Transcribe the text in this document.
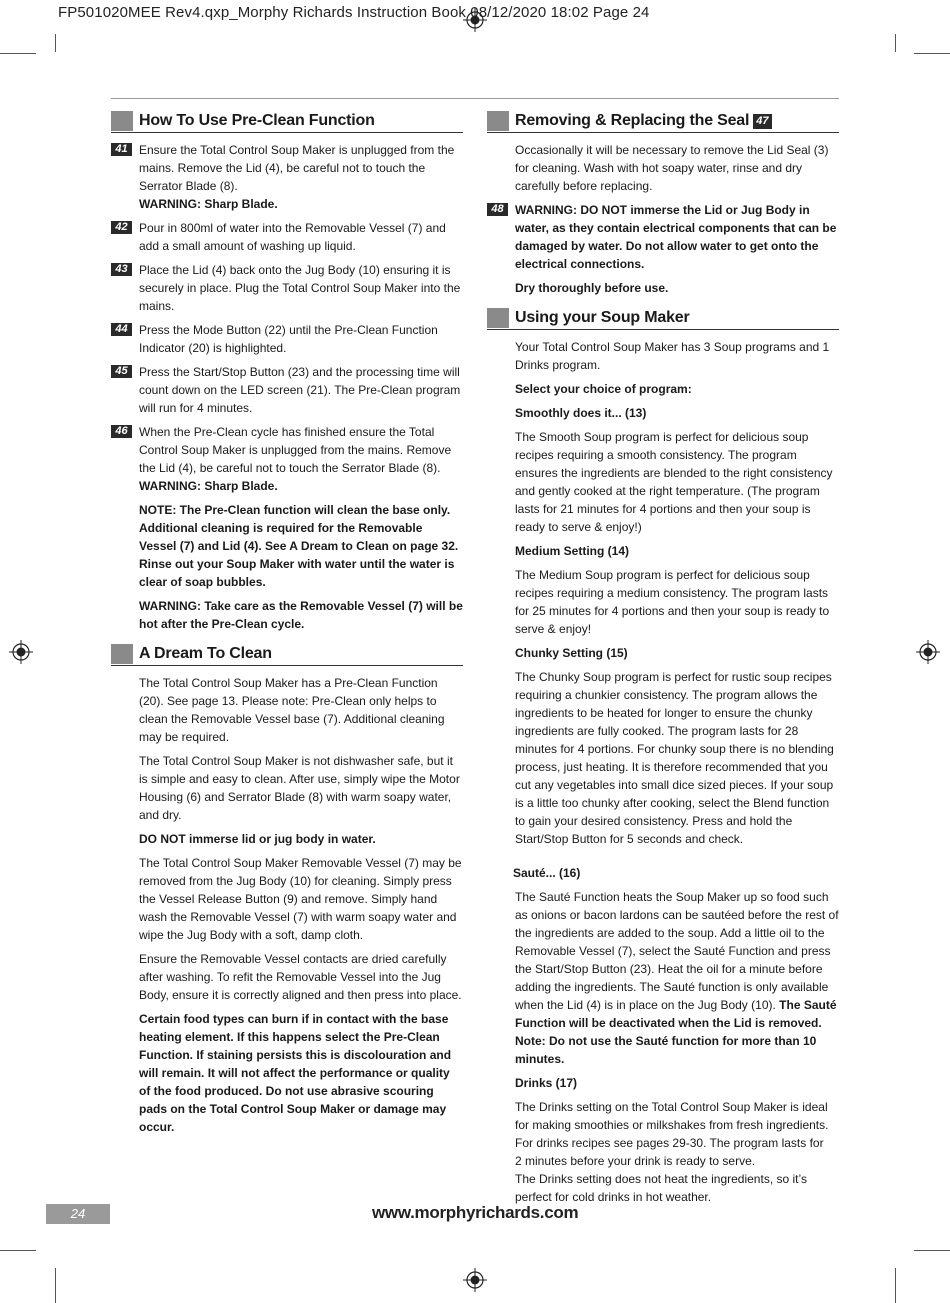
FP501020MEE Rev4.qxp_Morphy Richards Instruction Book 08/12/2020 18:02 Page 24
How To Use Pre-Clean Function
41 Ensure the Total Control Soup Maker is unplugged from the mains. Remove the Lid (4), be careful not to touch the Serrator Blade (8).
WARNING: Sharp Blade.
42 Pour in 800ml of water into the Removable Vessel (7) and add a small amount of washing up liquid.
43 Place the Lid (4) back onto the Jug Body (10) ensuring it is securely in place. Plug the Total Control Soup Maker into the mains.
44 Press the Mode Button (22) until the Pre-Clean Function Indicator (20) is highlighted.
45 Press the Start/Stop Button (23) and the processing time will count down on the LED screen (21). The Pre-Clean program will run for 4 minutes.
46 When the Pre-Clean cycle has finished ensure the Total Control Soup Maker is unplugged from the mains. Remove the Lid (4), be careful not to touch the Serrator Blade (8).
WARNING: Sharp Blade.
NOTE: The Pre-Clean function will clean the base only. Additional cleaning is required for the Removable Vessel (7) and Lid (4). See A Dream to Clean on page 32. Rinse out your Soup Maker with water until the water is clear of soap bubbles.
WARNING: Take care as the Removable Vessel (7) will be hot after the Pre-Clean cycle.
A Dream To Clean
The Total Control Soup Maker has a Pre-Clean Function (20). See page 13. Please note: Pre-Clean only helps to clean the Removable Vessel base (7). Additional cleaning may be required.
The Total Control Soup Maker is not dishwasher safe, but it is simple and easy to clean. After use, simply wipe the Motor Housing (6) and Serrator Blade (8) with warm soapy water, and dry.
DO NOT immerse lid or jug body in water.
The Total Control Soup Maker Removable Vessel (7) may be removed from the Jug Body (10) for cleaning. Simply press the Vessel Release Button (9) and remove. Simply hand wash the Removable Vessel (7) with warm soapy water and wipe the Jug Body with a soft, damp cloth.
Ensure the Removable Vessel contacts are dried carefully after washing. To refit the Removable Vessel into the Jug Body, ensure it is correctly aligned and then press into place.
Certain food types can burn if in contact with the base heating element. If this happens select the Pre-Clean Function. If staining persists this is discolouration and will remain. It will not affect the performance or quality of the food produced. Do not use abrasive scouring pads on the Total Control Soup Maker or damage may occur.
Removing & Replacing the Seal 47
Occasionally it will be necessary to remove the Lid Seal (3) for cleaning. Wash with hot soapy water, rinse and dry carefully before replacing.
48 WARNING: DO NOT immerse the Lid or Jug Body in water, as they contain electrical components that can be damaged by water. Do not allow water to get onto the electrical connections.
Dry thoroughly before use.
Using your Soup Maker
Your Total Control Soup Maker has 3 Soup programs and 1 Drinks program.
Select your choice of program:
Smoothly does it... (13)
The Smooth Soup program is perfect for delicious soup recipes requiring a smooth consistency. The program ensures the ingredients are blended to the right consistency and gently cooked at the right temperature. (The program lasts for 21 minutes for 4 portions and then your soup is ready to serve & enjoy!)
Medium Setting (14)
The Medium Soup program is perfect for delicious soup recipes requiring a medium consistency. The program lasts for 25 minutes for 4 portions and then your soup is ready to serve & enjoy!
Chunky Setting (15)
The Chunky Soup program is perfect for rustic soup recipes requiring a chunkier consistency. The program allows the ingredients to be heated for longer to ensure the chunky ingredients are fully cooked. The program lasts for 28 minutes for 4 portions. For chunky soup there is no blending process, just heating. It is therefore recommended that you cut any vegetables into small dice sized pieces. If your soup is a little too chunky after cooking, select the Blend function to gain your desired consistency. Press and hold the Start/Stop Button for 5 seconds and check.
Sauté... (16)
The Sauté Function heats the Soup Maker up so food such as onions or bacon lardons can be sautéed before the rest of the ingredients are added to the soup. Add a little oil to the Removable Vessel (7), select the Sauté Function and press the Start/Stop Button (23). Heat the oil for a minute before adding the ingredients. The Sauté function is only available when the Lid (4) is in place on the Jug Body (10). The Sauté Function will be deactivated when the Lid is removed. Note: Do not use the Sauté function for more than 10 minutes.
Drinks (17)
The Drinks setting on the Total Control Soup Maker is ideal for making smoothies or milkshakes from fresh ingredients. For drinks recipes see pages 29-30. The program lasts for
2 minutes before your drink is ready to serve.
The Drinks setting does not heat the ingredients, so it’s perfect for cold drinks in hot weather.
24	www.morphyrichards.com
